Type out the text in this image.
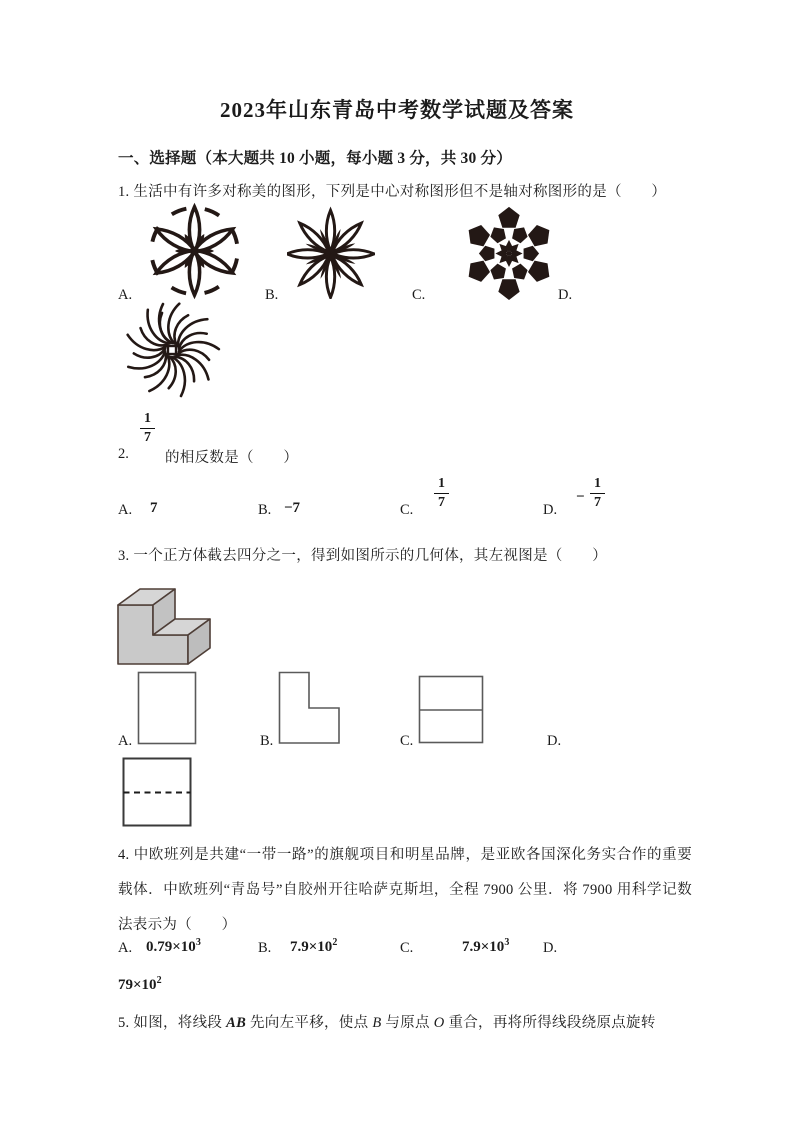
2023年山东青岛中考数学试题及答案
一、选择题（本大题共 10 小题，每小题 3 分，共 30 分）
1. 生活中有许多对称美的图形，下列是中心对称图形但不是轴对称图形的是（　　）
A.	B.	C.	D.
2.
$\frac{1}{7}$
的相反数是（　　）
A. 7	B. −7	C. $\frac{1}{7}$	D.
− $\frac{1}{7}$
3. 一个正方体截去四分之一，得到如图所示的几何体，其左视图是（　　）
A.	B.	C.	D.
4. 中欧班列是共建“一带一路”的旗舰项目和明星品牌，是亚欧各国深化务实合作的重要载体．中欧班列“青岛号”自胶州开往哈萨克斯坦，全程 7900 公里．将 7900 用科学记数法表示为（　　）
A. $0.79\times 10^3$	B. $7.9\times 10^2$	C.	$7.9\times 10^3$ D.
$79\times 10^2$
5. 如图，将线段 AB 先向左平移，使点 B 与原点 O 重合，再将所得线段绕原点旋转
